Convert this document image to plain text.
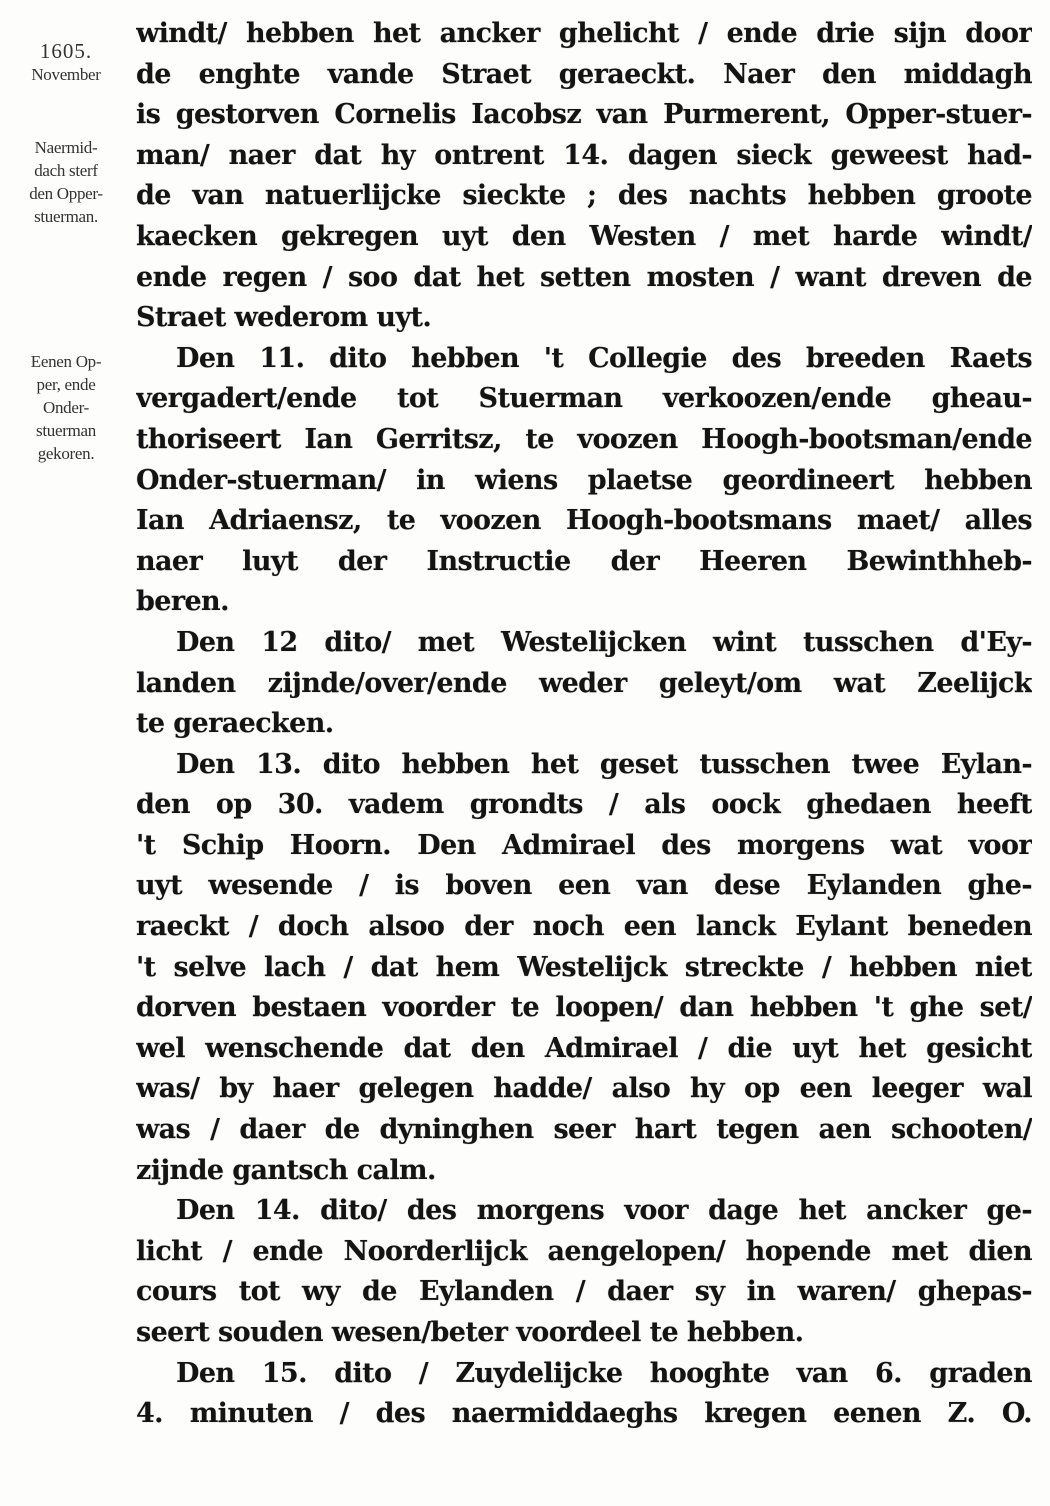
1605.
November
Naermid-
dach sterf
den Opper-
stuerman.
Eenen Op-
per, ende
Onder-
stuerman
gekoren.
windt/ hebben het ancker ghelicht / ende drie sijn door
de enghte vande Straet geraeckt. Naer den middagh
is gestorven Cornelis Iacobsz van Purmerent, Opper-stuer-
man/ naer dat hy ontrent 14. dagen sieck geweest had-
de van natuerlijcke sieckte ; des nachts hebben groote
kaecken gekregen uyt den Westen / met harde windt/
ende regen / soo dat het setten mosten / want dreven de
Straet wederom uyt.
Den 11. dito hebben 't Collegie des breeden Raets
vergadert/ende tot Stuerman verkoozen/ende gheau-
thoriseert Ian Gerritsz, te voozen Hoogh-bootsman/ende
Onder-stuerman/ in wiens plaetse geordineert hebben
Ian Adriaensz, te voozen Hoogh-bootsmans maet/ alles
naer luyt der Instructie der Heeren Bewinthheb-
beren.
Den 12 dito/ met Westelijcken wint tusschen d'Ey-
landen zijnde/over/ende weder geleyt/om wat Zeelijck
te geraecken.
Den 13. dito hebben het geset tusschen twee Eylan-
den op 30. vadem grondts / als oock ghedaen heeft
't Schip Hoorn. Den Admirael des morgens wat voor
uyt wesende / is boven een van dese Eylanden ghe-
raeckt / doch alsoo der noch een lanck Eylant beneden
't selve lach / dat hem Westelijck streckte / hebben niet
dorven bestaen voorder te loopen/ dan hebben 't ghe set/
wel wenschende dat den Admirael / die uyt het gesicht
was/ by haer gelegen hadde/ also hy op een leeger wal
was / daer de dyninghen seer hart tegen aen schooten/
zijnde gantsch calm.
Den 14. dito/ des morgens voor dage het ancker ge-
licht / ende Noorderlijck aengelopen/ hopende met dien
cours tot wy de Eylanden / daer sy in waren/ ghepas-
seert souden wesen/beter voordeel te hebben.
Den 15. dito / Zuydelijcke hooghte van 6. graden
4. minuten / des naermiddaeghs kregen eenen Z. O.
